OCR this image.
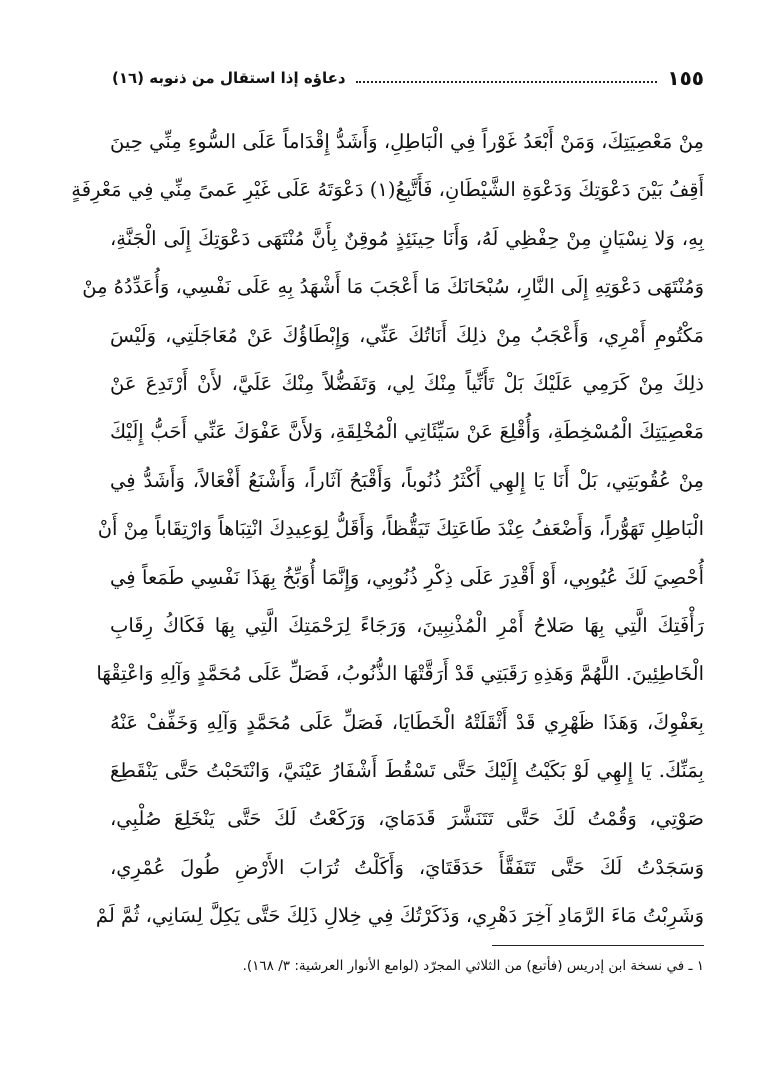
دعاؤه إذا استقال من ذنوبه (١٦)	١٥٥
مِنْ مَعْصِيَتِكَ، وَمَنْ أَبْعَدُ غَوْراً فِي الْبَاطِلِ، وَأَشَدُّ إِقْدَاماً عَلَى السُّوءِ مِنِّي حِينَ
أَقِفُ بَيْنَ دَعْوَتِكَ وَدَعْوَةِ الشَّيْطَانِ، فَأَتَّبِعُ(١) دَعْوَتَهُ عَلَى غَيْرِ عَمىً مِنِّي فِي مَعْرِفَةٍ
بِهِ، وَلا نِسْيَانٍ مِنْ حِفْظِي لَهُ، وَأَنَا حِينَئِذٍ مُوقِنٌ بِأَنَّ مُنْتَهَى دَعْوَتِكَ إِلَى الْجَنَّةِ،
وَمُنْتَهَى دَعْوَتِهِ إِلَى النَّارِ، سُبْحَانَكَ مَا أَعْجَبَ مَا أَشْهَدُ بِهِ عَلَى نَفْسِي، وَأُعَدِّدُهُ مِنْ
مَكْتُومِ أَمْرِي، وَأَعْجَبُ مِنْ ذلِكَ أَنَاتُكَ عَنِّي، وَإِبْطَاؤُكَ عَنْ مُعَاجَلَتِي، وَلَيْسَ
ذلِكَ مِنْ كَرَمِي عَلَيْكَ بَلْ تَأَنِّياً مِنْكَ لِي، وَتَفَضُّلاً مِنْكَ عَلَيَّ، لأَنْ أَرْتَدِعَ عَنْ
مَعْصِيَتِكَ الْمُسْخِطَةِ، وَأُقْلِعَ عَنْ سَيِّئَاتِي الْمُخْلِقَةِ، وَلأَنَّ عَفْوَكَ عَنِّي أَحَبُّ إِلَيْكَ
مِنْ عُقُوبَتِي، بَلْ أَنَا يَا إِلهِي أَكْثَرُ ذُنُوباً، وَأَقْبَحُ آثَاراً، وَأَشْنَعُ أَفْعَالاً، وَأَشَدُّ فِي
الْبَاطِلِ تَهَوُّراً، وَأَضْعَفُ عِنْدَ طَاعَتِكَ تَيَقُّظاً، وَأَقَلُّ لِوَعِيدِكَ انْتِبَاهاً وَارْتِقَاباً مِنْ أَنْ
أُحْصِيَ لَكَ عُيُوبِي، أَوْ أَقْدِرَ عَلَى ذِكْرِ ذُنُوبِي، وَإِنَّمَا أُوَبِّخُ بِهَذَا نَفْسِي طَمَعاً فِي
رَأْفَتِكَ الَّتِي بِهَا صَلاحُ أَمْرِ الْمُذْنِبِينَ، وَرَجَاءً لِرَحْمَتِكَ الَّتِي بِهَا فَكَاكُ رِقَابِ
الْخَاطِئِينَ. اللَّهُمَّ وَهَذِهِ رَقَبَتِي قَدْ أَرَقَّتْهَا الذُّنُوبُ، فَصَلِّ عَلَى مُحَمَّدٍ وَآلِهِ وَاعْتِقْهَا
بِعَفْوِكَ، وَهَذَا ظَهْرِي قَدْ أَثْقَلَتْهُ الْخَطَايَا، فَصَلِّ عَلَى مُحَمَّدٍ وَآلِهِ وَخَفِّفْ عَنْهُ
بِمَنِّكَ. يَا إِلهِي لَوْ بَكَيْتُ إِلَيْكَ حَتَّى تَسْقُطَ أَشْفَارُ عَيْنَيَّ، وَانْتَحَبْتُ حَتَّى يَنْقَطِعَ
صَوْتِي، وَقُمْتُ لَكَ حَتَّى تَتَنَشَّرَ قَدَمَايَ، وَرَكَعْتُ لَكَ حَتَّى يَنْخَلِعَ صُلْبِي،
وَسَجَدْتُ لَكَ حَتَّى تَتَفَقَّأَ حَدَقَتَايَ، وَأَكَلْتُ تُرَابَ الأَرْضِ طُولَ عُمْرِي،
وَشَرِبْتُ مَاءَ الرَّمَادِ آخِرَ دَهْرِي، وَذَكَرْتُكَ فِي خِلالِ ذَلِكَ حَتَّى يَكِلَّ لِسَانِي، ثُمَّ لَمْ
١ ـ في نسخة ابن إدريس (فأتبع) من الثلاثي المجرّد (لوامع الأنوار العرشية: ٣/ ١٦٨).
